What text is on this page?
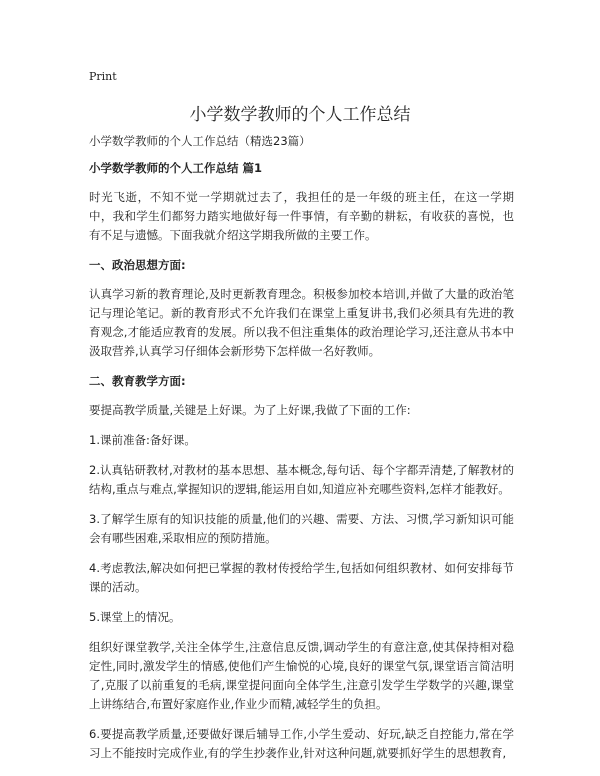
Print
小学数学教师的个人工作总结

小学数学教师的个人工作总结（精选23篇）

小学数学教师的个人工作总结 篇1

时光飞逝，不知不觉一学期就过去了，我担任的是一年级的班主任，在这一学期中，我和学生们都努力踏实地做好每一件事情，有辛勤的耕耘，有收获的喜悦，也有不足与遗憾。下面我就介绍这学期我所做的主要工作。

一、政治思想方面:

认真学习新的教育理论,及时更新教育理念。积极参加校本培训,并做了大量的政治笔记与理论笔记。新的教育形式不允许我们在课堂上重复讲书,我们必须具有先进的教育观念,才能适应教育的发展。所以我不但注重集体的政治理论学习,还注意从书本中汲取营养,认真学习仔细体会新形势下怎样做一名好教师。

二、教育教学方面:

要提高教学质量,关键是上好课。为了上好课,我做了下面的工作:

1.课前准备:备好课。

2.认真钻研教材,对教材的基本思想、基本概念,每句话、每个字都弄清楚,了解教材的结构,重点与难点,掌握知识的逻辑,能运用自如,知道应补充哪些资料,怎样才能教好。

3.了解学生原有的知识技能的质量,他们的兴趣、需要、方法、习惯,学习新知识可能会有哪些困难,采取相应的预防措施。

4.考虑教法,解决如何把已掌握的教材传授给学生,包括如何组织教材、如何安排每节课的活动。

5.课堂上的情况。

组织好课堂教学,关注全体学生,注意信息反馈,调动学生的有意注意,使其保持相对稳定性,同时,激发学生的情感,使他们产生愉悦的心境,良好的课堂气氛,课堂语言简洁明了,克服了以前重复的毛病,课堂提问面向全体学生,注意引发学生学数学的兴趣,课堂上讲练结合,布置好家庭作业,作业少而精,减轻学生的负担。

6.要提高教学质量,还要做好课后辅导工作,小学生爱动、好玩,缺乏自控能力,常在学习上不能按时完成作业,有的学生抄袭作业,针对这种问题,就要抓好学生的思想教育,
